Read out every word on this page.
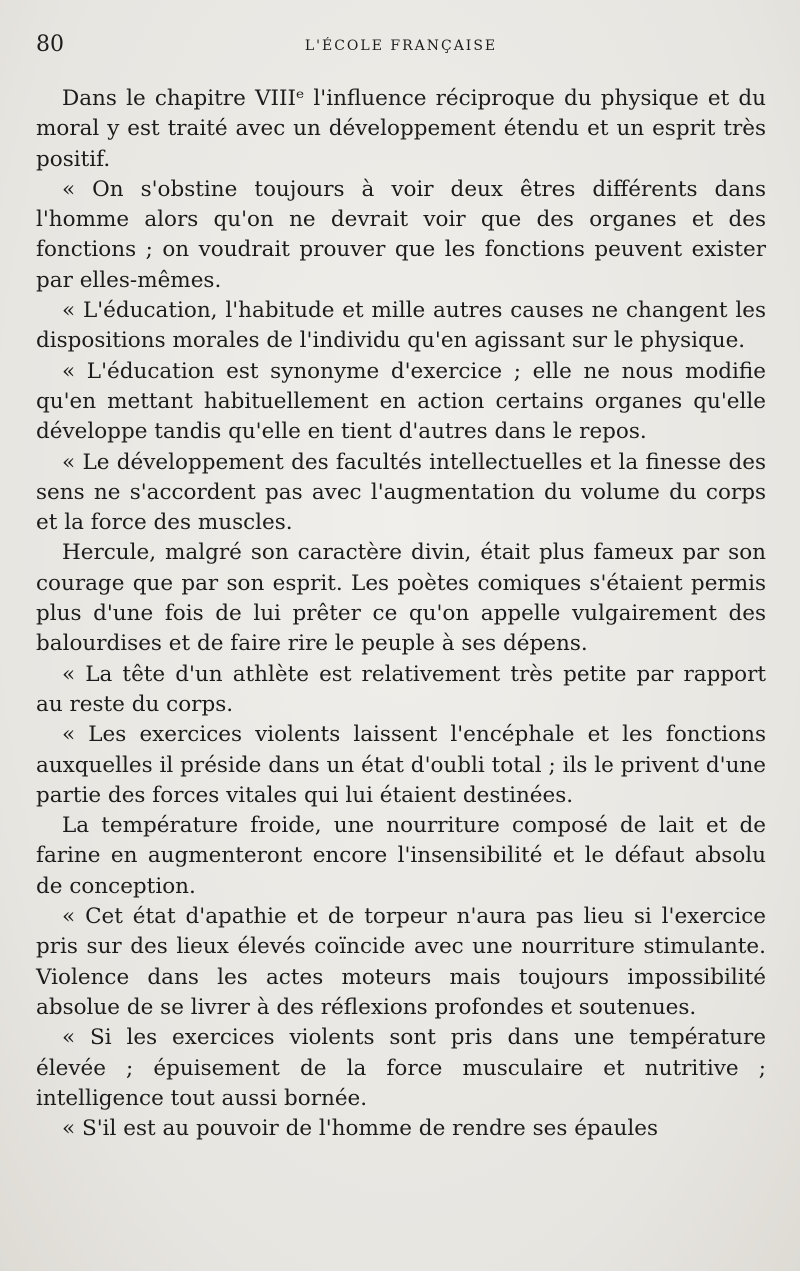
80	L'ÉCOLE FRANÇAISE

Dans le chapitre VIIIᵉ l'influence réciproque du physique et du moral y est traité avec un développement étendu et un esprit très positif.

« On s'obstine toujours à voir deux êtres différents dans l'homme alors qu'on ne devrait voir que des organes et des fonctions ; on voudrait prouver que les fonctions peuvent exister par elles-mêmes.

« L'éducation, l'habitude et mille autres causes ne changent les dispositions morales de l'individu qu'en agissant sur le physique.

« L'éducation est synonyme d'exercice ; elle ne nous modifie qu'en mettant habituellement en action certains organes qu'elle développe tandis qu'elle en tient d'autres dans le repos.

« Le développement des facultés intellectuelles et la finesse des sens ne s'accordent pas avec l'augmentation du volume du corps et la force des muscles.

Hercule, malgré son caractère divin, était plus fameux par son courage que par son esprit. Les poètes comiques s'étaient permis plus d'une fois de lui prêter ce qu'on appelle vulgairement des balourdises et de faire rire le peuple à ses dépens.

« La tête d'un athlète est relativement très petite par rapport au reste du corps.

« Les exercices violents laissent l'encéphale et les fonctions auxquelles il préside dans un état d'oubli total ; ils le privent d'une partie des forces vitales qui lui étaient destinées.

La température froide, une nourriture composé de lait et de farine en augmenteront encore l'insensibilité et le défaut absolu de conception.

« Cet état d'apathie et de torpeur n'aura pas lieu si l'exercice pris sur des lieux élevés coïncide avec une nourriture stimulante. Violence dans les actes moteurs mais toujours impossibilité absolue de se livrer à des réflexions profondes et soutenues.

« Si les exercices violents sont pris dans une température élevée ; épuisement de la force musculaire et nutritive ; intelligence tout aussi bornée.

« S'il est au pouvoir de l'homme de rendre ses épaules
